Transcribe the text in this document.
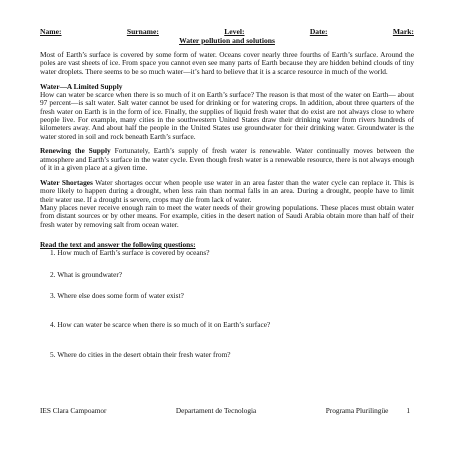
Name:	Surname:	Level:	Date:	Mark:
Water pollution and solutions

Most of Earth’s surface is covered by some form of water. Oceans cover nearly three fourths of Earth’s surface. Around the poles are vast sheets of ice. From space you cannot even see many parts of Earth because they are hidden behind clouds of tiny water droplets. There seems to be so much water—it’s hard to believe that it is a scarce resource in much of the world.

Water—A Limited Supply

How can water be scarce when there is so much of it on Earth’s surface? The reason is that most of the water on Earth— about 97 percent—is salt water. Salt water cannot be used for drinking or for watering crops. In addition, about three quarters of the fresh water on Earth is in the form of ice. Finally, the supplies of liquid fresh water that do exist are not always close to where people live. For example, many cities in the southwestern United States draw their drinking water from rivers hundreds of kilometers away. And about half the people in the United States use groundwater for their drinking water. Groundwater is the water stored in soil and rock beneath Earth’s surface.

Renewing the Supply Fortunately, Earth’s supply of fresh water is renewable. Water continually moves between the atmosphere and Earth’s surface in the water cycle. Even though fresh water is a renewable resource, there is not always enough of it in a given place at a given time.

Water Shortages Water shortages occur when people use water in an area faster than the water cycle can replace it. This is more likely to happen during a drought, when less rain than normal falls in an area. During a drought, people have to limit their water use. If a drought is severe, crops may die from lack of water.

Many places never receive enough rain to meet the water needs of their growing populations. These places must obtain water from distant sources or by other means. For example, cities in the desert nation of Saudi Arabia obtain more than half of their fresh water by removing salt from ocean water.

Read the text and answer the following questions:
1. How much of Earth’s surface is covered by oceans?
2. What is groundwater?
3. Where else does some form of water exist?
4. How can water be scarce when there is so much of it on Earth’s surface?
5. Where do cities in the desert obtain their fresh water from?
IES Clara Campoamor	Departament de Tecnologia	Programa Plurilingüe 1
